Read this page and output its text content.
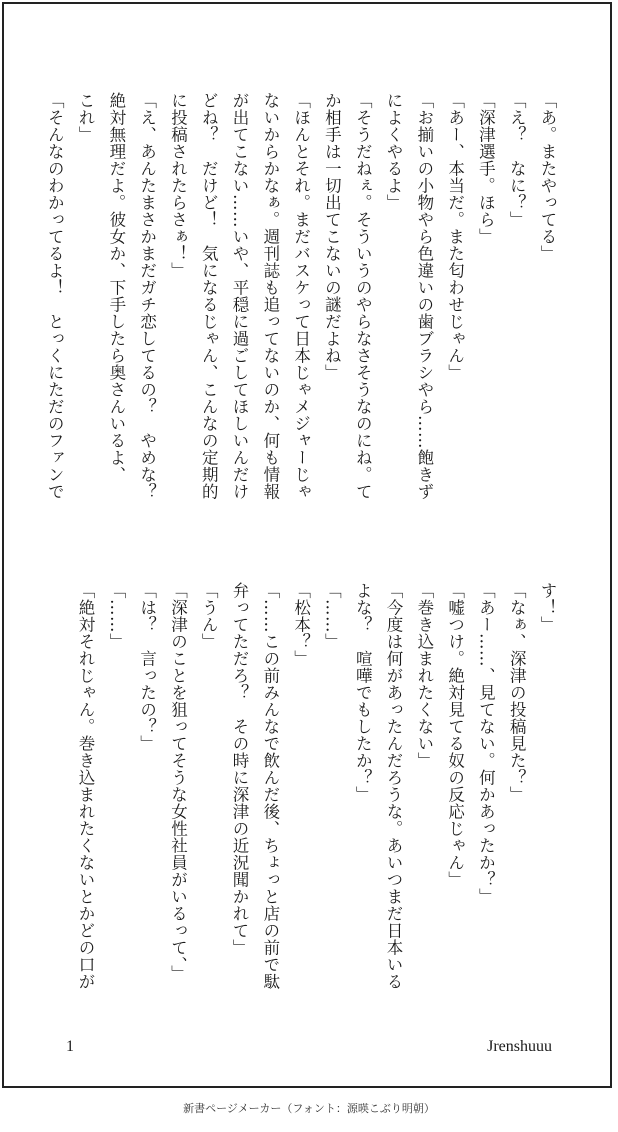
「あ。またやってる」
「え？　なに？」
「深津選手。ほら」
「あー、本当だ。また匂わせじゃん」
「お揃いの小物やら色違いの歯ブラシやら……飽きず
によくやるよ」
「そうだねぇ。そういうのやらなさそうなのにね。て
か相手は一切出てこないの謎だよね」
「ほんとそれ。まだバスケって日本じゃメジャーじゃ
ないからかなぁ。週刊誌も追ってないのか、何も情報
が出てこない……いや、平穏に過ごしてほしいんだけ
どね？　だけど！　気になるじゃん、こんなの定期的
に投稿されたらさぁ！」
「え、あんたまさかまだガチ恋してるの？　やめな？
絶対無理だよ。彼女か、下手したら奥さんいるよ、
これ」
「そんなのわかってるよ！　とっくにただのファンで
す！」
「なぁ、深津の投稿見た？」
「あー……、見てない。何かあったか？」
「嘘つけ。絶対見てる奴の反応じゃん」
「巻き込まれたくない」
「今度は何があったんだろうな。あいつまだ日本いる
よな？　喧嘩でもしたか？」
「……」
「松本？」
「……この前みんなで飲んだ後、ちょっと店の前で駄
弁ってただろ？　その時に深津の近況聞かれて」
「うん」
「深津のことを狙ってそうな女性社員がいるって、」
「は？　言ったの？」
「……」
「絶対それじゃん。巻き込まれたくないとかどの口が
1	Jrenshuuu
新書ページメーカー（フォント：源暎こぶり明朝）
